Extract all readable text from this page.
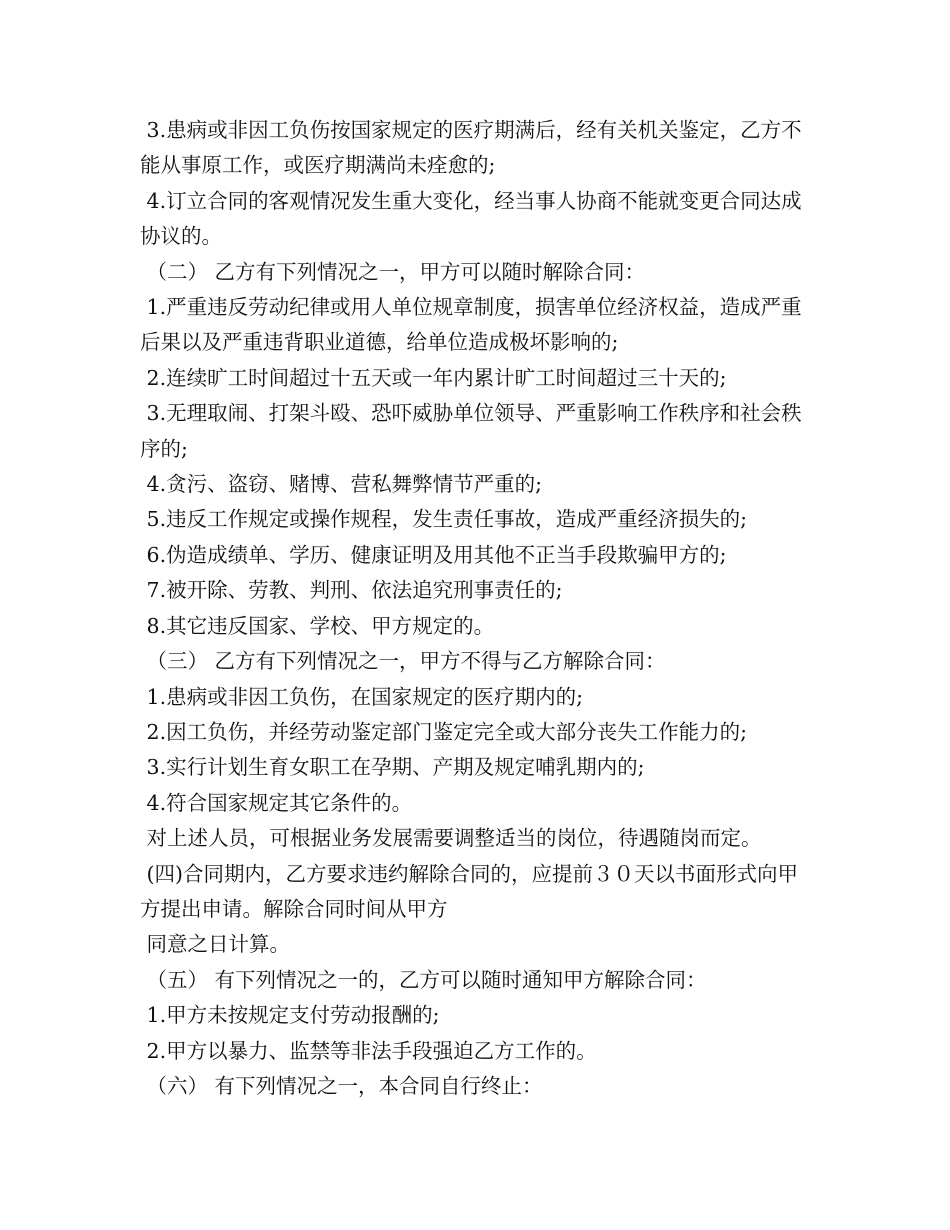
3.患病或非因工负伤按国家规定的医疗期满后，经有关机关鉴定，乙方不能从事原工作，或医疗期满尚未痊愈的;

4.订立合同的客观情况发生重大变化，经当事人协商不能就变更合同达成协议的。

（二） 乙方有下列情况之一，甲方可以随时解除合同：

1.严重违反劳动纪律或用人单位规章制度，损害单位经济权益，造成严重后果以及严重违背职业道德，给单位造成极坏影响的;

2.连续旷工时间超过十五天或一年内累计旷工时间超过三十天的;

3.无理取闹、打架斗殴、恐吓威胁单位领导、严重影响工作秩序和社会秩序的;

4.贪污、盗窃、赌博、营私舞弊情节严重的;

5.违反工作规定或操作规程，发生责任事故，造成严重经济损失的;

6.伪造成绩单、学历、健康证明及用其他不正当手段欺骗甲方的;

7.被开除、劳教、判刑、依法追究刑事责任的;

8.其它违反国家、学校、甲方规定的。

（三） 乙方有下列情况之一，甲方不得与乙方解除合同：

1.患病或非因工负伤，在国家规定的医疗期内的;

2.因工负伤，并经劳动鉴定部门鉴定完全或大部分丧失工作能力的;

3.实行计划生育女职工在孕期、产期及规定哺乳期内的;

4.符合国家规定其它条件的。

对上述人员，可根据业务发展需要调整适当的岗位，待遇随岗而定。

(四)合同期内，乙方要求违约解除合同的，应提前３０天以书面形式向甲方提出申请。解除合同时间从甲方

同意之日计算。

（五） 有下列情况之一的，乙方可以随时通知甲方解除合同：

1.甲方未按规定支付劳动报酬的;

2.甲方以暴力、监禁等非法手段强迫乙方工作的。

（六） 有下列情况之一，本合同自行终止：
